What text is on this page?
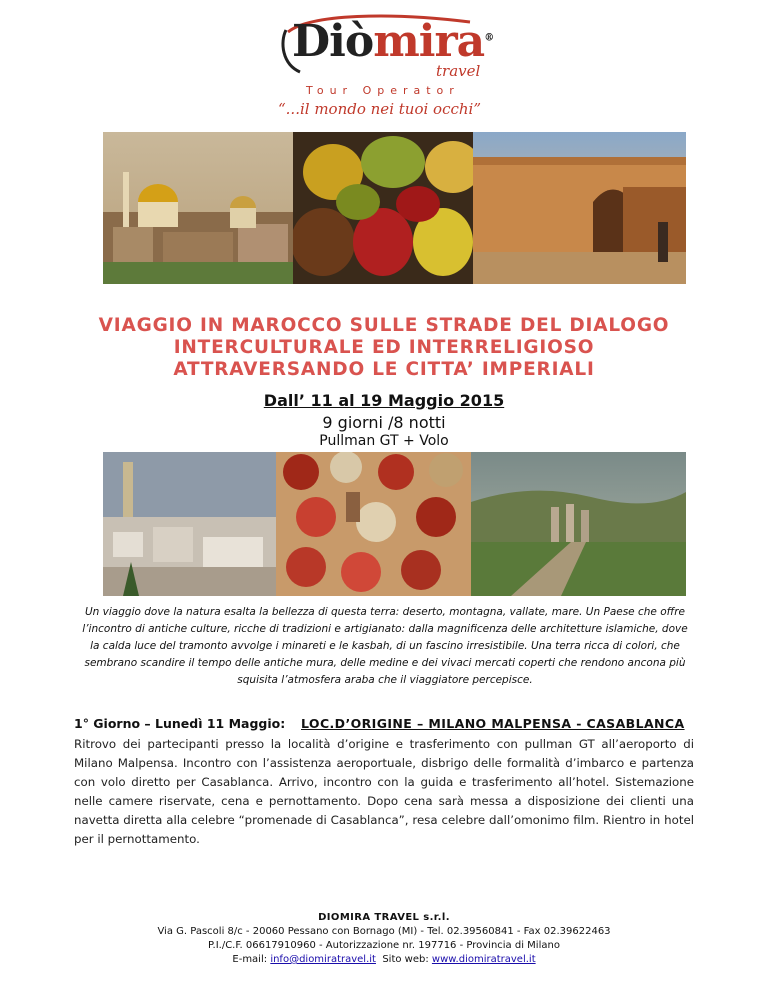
Diòmira®
travel
Tour Operator
“...il mondo nei tuoi occhi”
VIAGGIO IN MAROCCO SULLE STRADE DEL DIALOGO
INTERCULTURALE ED INTERRELIGIOSO
ATTRAVERSANDO LE CITTA’ IMPERIALI
Dall’ 11 al 19 Maggio 2015
9 giorni /8 notti
Pullman GT + Volo
Un viaggio dove la natura esalta la bellezza di questa terra: deserto, montagna, vallate, mare. Un Paese che offre l’incontro di antiche culture, ricche di tradizioni e artigianato: dalla magnificenza delle architetture islamiche, dove la calda luce del tramonto avvolge i minareti e le kasbah, di un fascino irresistibile. Una terra ricca di colori, che sembrano scandire il tempo delle antiche mura, delle medine e dei vivaci mercati coperti che rendono ancona più squisita l’atmosfera araba che il viaggiatore percepisce.
1° Giorno – Lunedì 11 Maggio: LOC.D’ORIGINE – MILANO MALPENSA - CASABLANCA
Ritrovo dei partecipanti presso la località d’origine e trasferimento con pullman GT all’aeroporto di Milano Malpensa. Incontro con l’assistenza aeroportuale, disbrigo delle formalità d’imbarco e partenza con volo diretto per Casablanca. Arrivo, incontro con la guida e trasferimento all’hotel. Sistemazione nelle camere riservate, cena e pernottamento. Dopo cena sarà messa a disposizione dei clienti una navetta diretta alla celebre “promenade di Casablanca”, resa celebre dall’omonimo film. Rientro in hotel per il pernottamento.
DIOMIRA TRAVEL s.r.l.
Via G. Pascoli 8/c - 20060 Pessano con Bornago (MI) - Tel. 02.39560841 - Fax 02.39622463
P.I./C.F. 06617910960 - Autorizzazione nr. 197716 - Provincia di Milano
E-mail: info@diomiratravel.it Sito web: www.diomiratravel.it
